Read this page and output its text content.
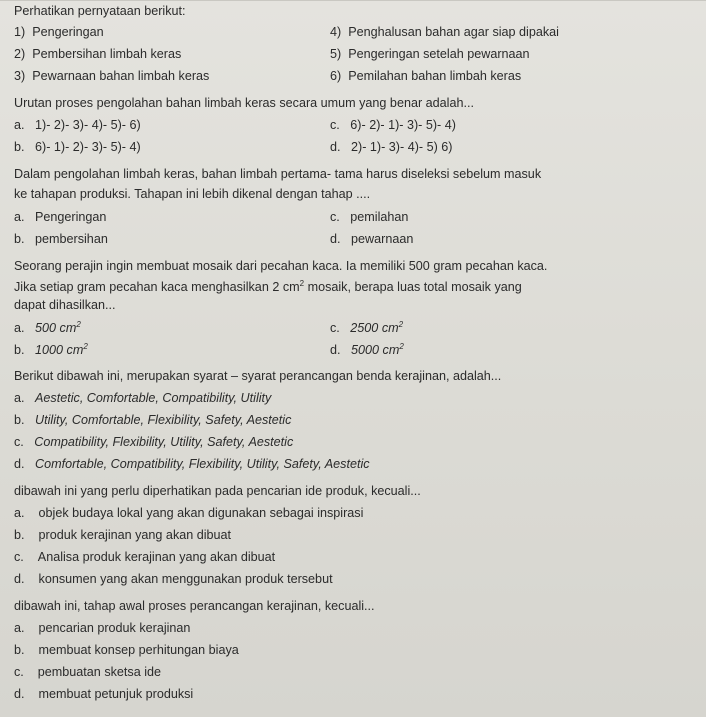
Perhatikan pernyataan berikut:
1) Pengeringan
2) Pembersihan limbah keras
3) Pewarnaan bahan limbah keras
4) Penghalusan bahan agar siap dipakai
5) Pengeringan setelah pewarnaan
6) Pemilahan bahan limbah keras
Urutan proses pengolahan bahan limbah keras secara umum yang benar adalah...
a. 1)- 2)- 3)- 4)- 5)- 6)
b. 6)- 1)- 2)- 3)- 5)- 4)
c. 6)- 2)- 1)- 3)- 5)- 4)
d. 2)- 1)- 3)- 4)- 5) 6)
Dalam pengolahan limbah keras, bahan limbah pertama- tama harus diseleksi sebelum masuk
ke tahapan produksi. Tahapan ini lebih dikenal dengan tahap ....
a. Pengeringan
b. pembersihan
c. pemilahan
d. pewarnaan
Seorang perajin ingin membuat mosaik dari pecahan kaca. Ia memiliki 500 gram pecahan kaca.
Jika setiap gram pecahan kaca menghasilkan 2 $cm^2$ mosaik, berapa luas total mosaik yang
dapat dihasilkan...
a. 500 $cm^2$
b. 1000 $cm^2$
c. 2500 $cm^2$
d. 5000 $cm^2$
Berikut dibawah ini, merupakan syarat – syarat perancangan benda kerajinan, adalah...
a. Aestetic, Comfortable, Compatibility, Utility
b. Utility, Comfortable, Flexibility, Safety, Aestetic
c. Compatibility, Flexibility, Utility, Safety, Aestetic
d. Comfortable, Compatibility, Flexibility, Utility, Safety, Aestetic
dibawah ini yang perlu diperhatikan pada pencarian ide produk, kecuali...
a. objek budaya lokal yang akan digunakan sebagai inspirasi
b. produk kerajinan yang akan dibuat
c. Analisa produk kerajinan yang akan dibuat
d. konsumen yang akan menggunakan produk tersebut
dibawah ini, tahap awal proses perancangan kerajinan, kecuali...
a. pencarian produk kerajinan
b. membuat konsep perhitungan biaya
c. pembuatan sketsa ide
d. membuat petunjuk produksi
